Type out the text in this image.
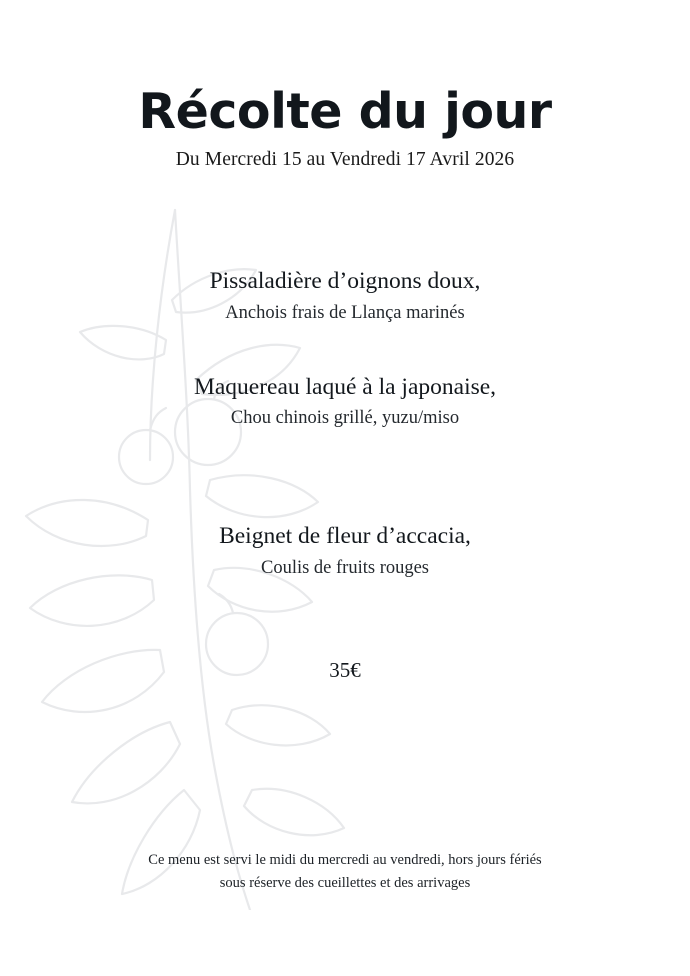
Récolte du jour

Du Mercredi 15 au Vendredi 17 Avril 2026

Pissaladière d’oignons doux,

Anchois frais de Llança marinés

Maquereau laqué à la japonaise,

Chou chinois grillé, yuzu/miso

Beignet de fleur d’accacia,

Coulis de fruits rouges

35€
Ce menu est servi le midi du mercredi au vendredi, hors jours fériés
sous réserve des cueillettes et des arrivages
